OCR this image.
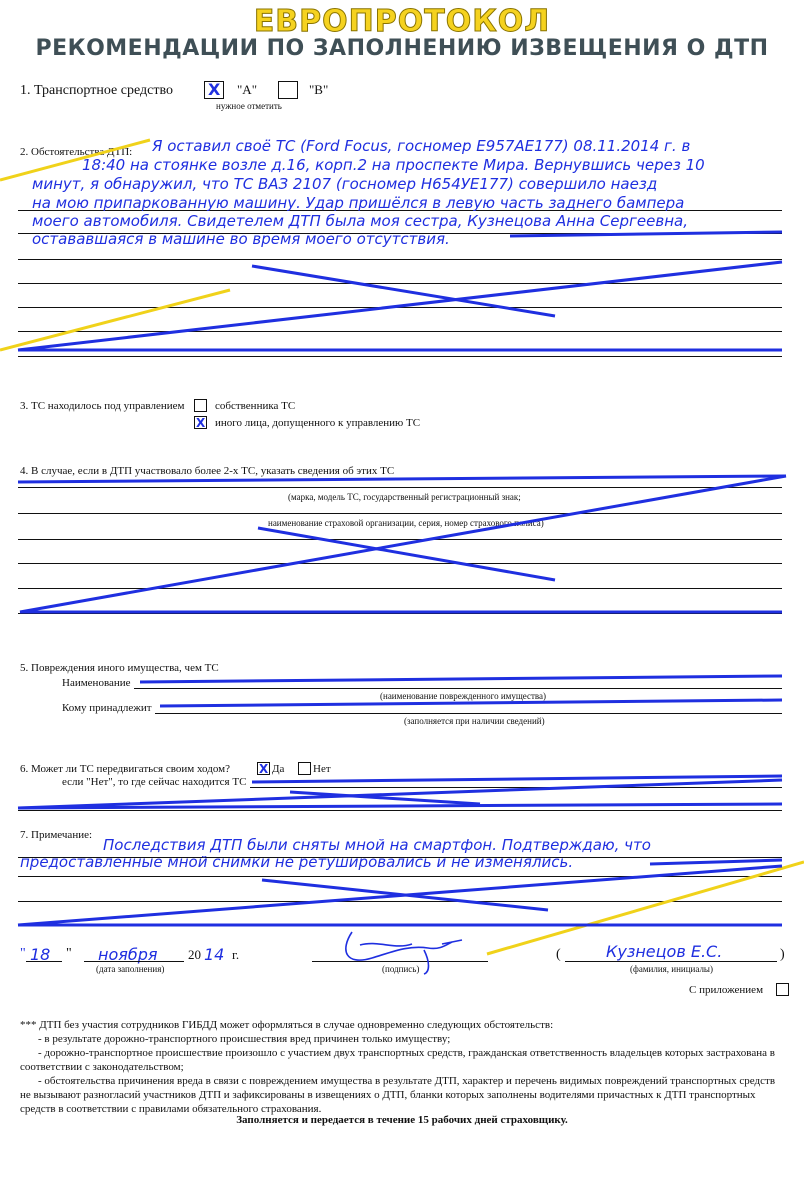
ЕВРОПРОТОКОЛ
РЕКОМЕНДАЦИИ ПО ЗАПОЛНЕНИЮ ИЗВЕЩЕНИЯ О ДТП
1. Транспортное средство X "А"	"В"
нужное отметить
2. Обстоятельства ДТП: Я оставил своё ТС (Ford Focus, госномер Е957АЕ177) 08.11.2014 г. в
18:40 на стоянке возле д.16, корп.2 на проспекте Мира. Вернувшись через 10
минут, я обнаружил, что ТС ВАЗ 2107 (госномер Н654УЕ177) совершило наезд
на мою припаркованную машину. Удар пришёлся в левую часть заднего бампера
моего автомобиля. Свидетелем ДТП была моя сестра, Кузнецова Анна Сергеевна,
остававшаяся в машине во время моего отсутствия.
3. ТС находилось под управлением	собственника ТС
X иного лица, допущенного к управлению ТС
4. В случае, если в ДТП участвовало более 2-х ТС, указать сведения об этих ТС
(марка, модель ТС, государственный регистрационный знак;
наименование страховой организации, серия, номер страхового полиса)
5. Повреждения иного имущества, чем ТС
Наименование
(наименование поврежденного имущества)
Кому принадлежит
(заполняется при наличии сведений)
6. Может ли ТС передвигаться своим ходом? X Да	Нет
если "Нет", то где сейчас находится ТС
7. Примечание:
Последствия ДТП были сняты мной на смартфон. Подтверждаю, что
предоставленные мной снимки не ретушировались и не изменялись.
" 18 " ноября 20 14 г.
(дата заполнения)	(подпись)
(	Кузнецов Е.С.	)
(фамилия, инициалы)
С приложением
*** ДТП без участия сотрудников ГИБДД может оформляться в случае одновременно следующих обстоятельств:
- в результате дорожно-транспортного происшествия вред причинен только имуществу;
- дорожно-транспортное происшествие произошло с участием двух транспортных средств, гражданская ответственность владельцев которых застрахована в
соответствии с законодательством;
- обстоятельства причинения вреда в связи с повреждением имущества в результате ДТП, характер и перечень видимых повреждений транспортных средств
не вызывают разногласий участников ДТП и зафиксированы в извещениях о ДТП, бланки которых заполнены водителями причастных к ДТП транспортных
средств в соответствии с правилами обязательного страхования.
Заполняется и передается в течение 15 рабочих дней страховщику.
